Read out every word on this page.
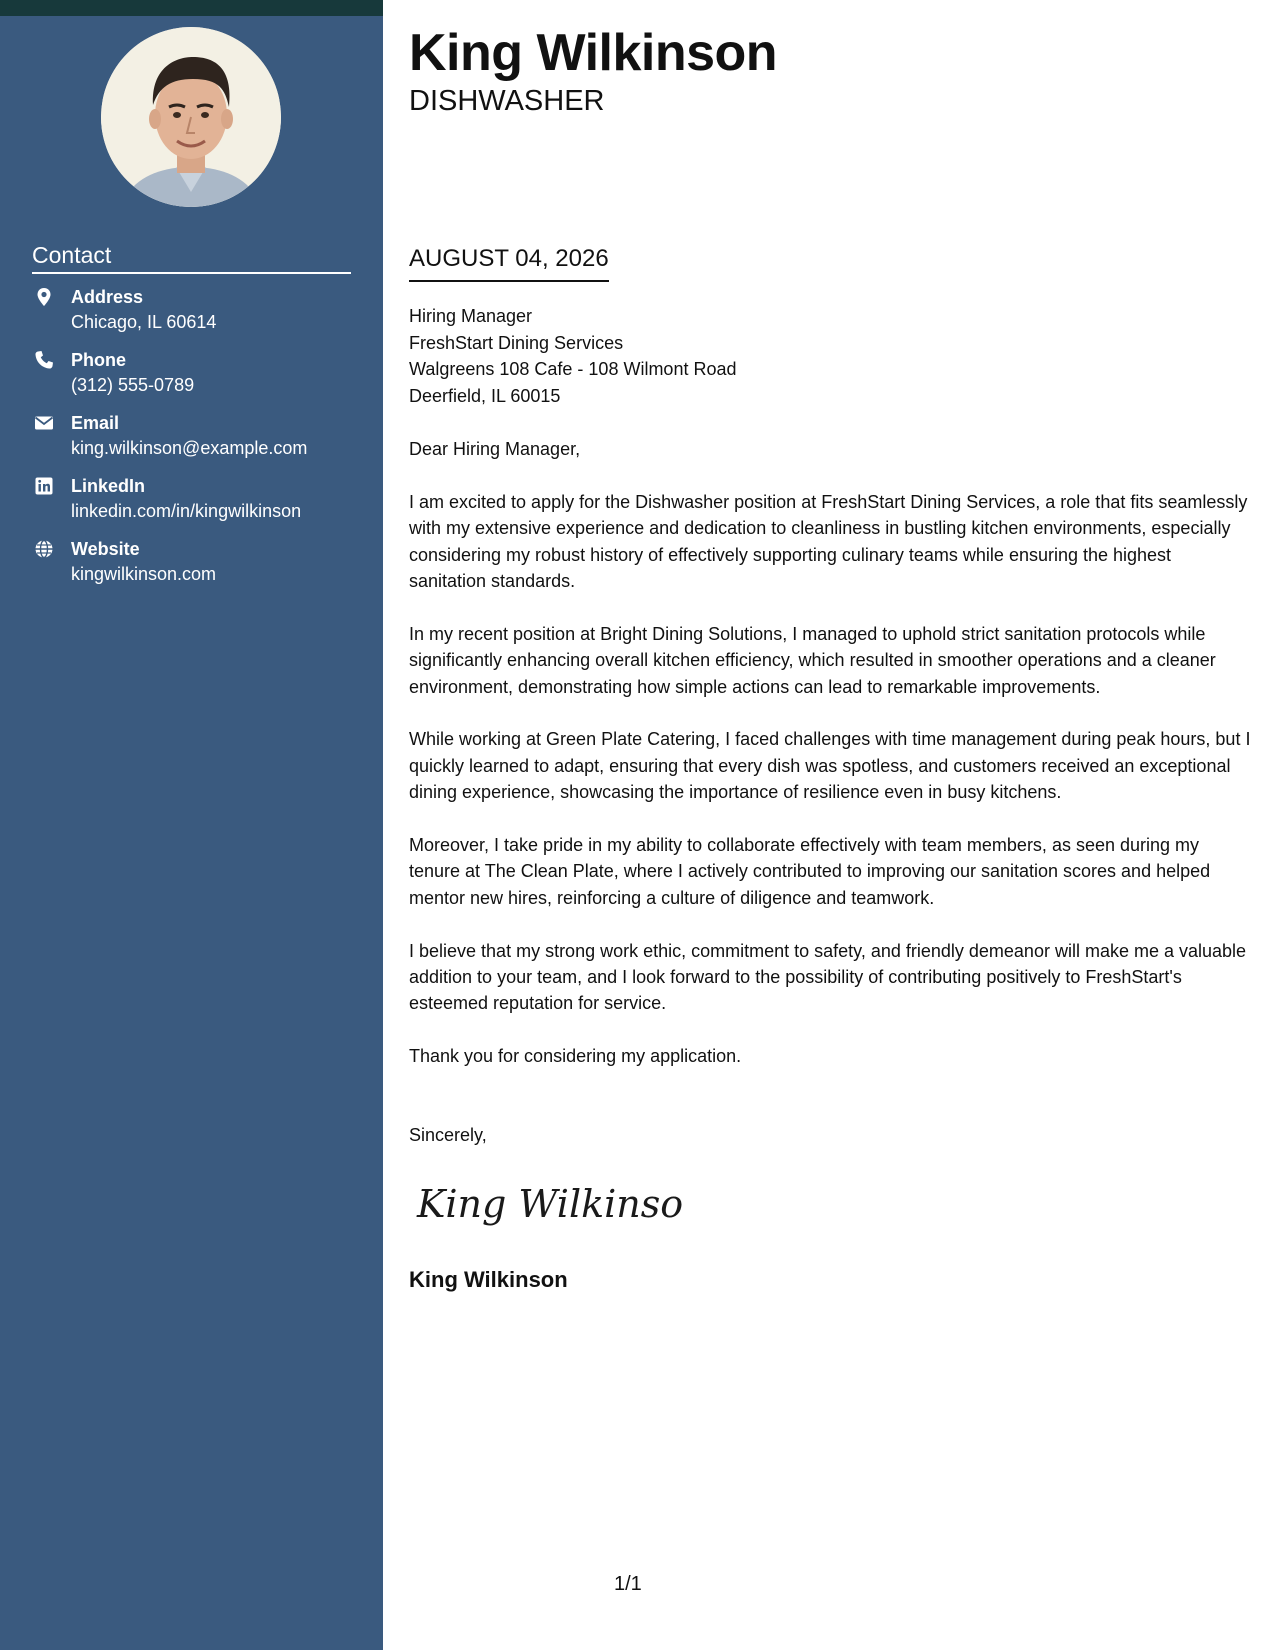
Contact
Address
Chicago, IL 60614
Phone
(312) 555-0789
Email
king.wilkinson@example.com
LinkedIn
linkedin.com/in/kingwilkinson
Website
kingwilkinson.com
King Wilkinson
DISHWASHER
AUGUST 04, 2026
Hiring Manager
FreshStart Dining Services
Walgreens 108 Cafe - 108 Wilmont Road
Deerfield, IL 60015

Dear Hiring Manager,

I am excited to apply for the Dishwasher position at FreshStart Dining Services, a role that fits seamlessly with my extensive experience and dedication to cleanliness in bustling kitchen environments, especially considering my robust history of effectively supporting culinary teams while ensuring the highest sanitation standards.

In my recent position at Bright Dining Solutions, I managed to uphold strict sanitation protocols while significantly enhancing overall kitchen efficiency, which resulted in smoother operations and a cleaner environment, demonstrating how simple actions can lead to remarkable improvements.

While working at Green Plate Catering, I faced challenges with time management during peak hours, but I quickly learned to adapt, ensuring that every dish was spotless, and customers received an exceptional dining experience, showcasing the importance of resilience even in busy kitchens.

Moreover, I take pride in my ability to collaborate effectively with team members, as seen during my tenure at The Clean Plate, where I actively contributed to improving our sanitation scores and helped mentor new hires, reinforcing a culture of diligence and teamwork.

I believe that my strong work ethic, commitment to safety, and friendly demeanor will make me a valuable addition to your team, and I look forward to the possibility of contributing positively to FreshStart's esteemed reputation for service.

Thank you for considering my application.

Sincerely,
King Wilkinson
King Wilkinson
1/1
